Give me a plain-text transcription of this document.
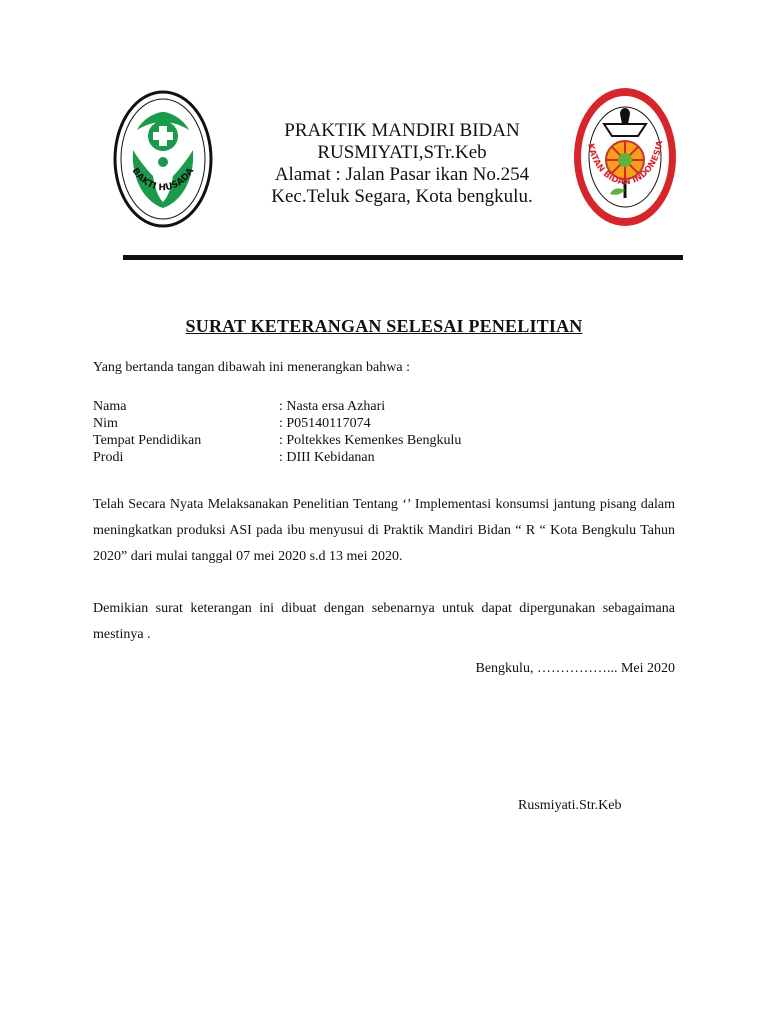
BAKTI HUSADA
PRAKTIK MANDIRI BIDAN
RUSMIYATI,STr.Keb
Alamat : Jalan Pasar ikan No.254
Kec.Teluk Segara, Kota bengkulu.
KATAN BIDAN INDONESIA
SURAT KETERANGAN SELESAI PENELITIAN
Yang bertanda tangan dibawah ini menerangkan bahwa :
Nama	: Nasta ersa Azhari
Nim	: P05140117074
Tempat Pendidikan	: Poltekkes Kemenkes Bengkulu
Prodi	: DIII Kebidanan
Telah Secara Nyata Melaksanakan Penelitian Tentang ‘’ Implementasi konsumsi jantung pisang dalam meningkatkan produksi ASI pada ibu menyusui di Praktik Mandiri Bidan “ R “ Kota Bengkulu Tahun 2020” dari mulai tanggal 07 mei 2020 s.d 13 mei 2020.
Demikian surat keterangan ini dibuat dengan sebenarnya untuk dapat dipergunakan sebagaimana mestinya .
Bengkulu, ……………... Mei 2020
Rusmiyati.Str.Keb
